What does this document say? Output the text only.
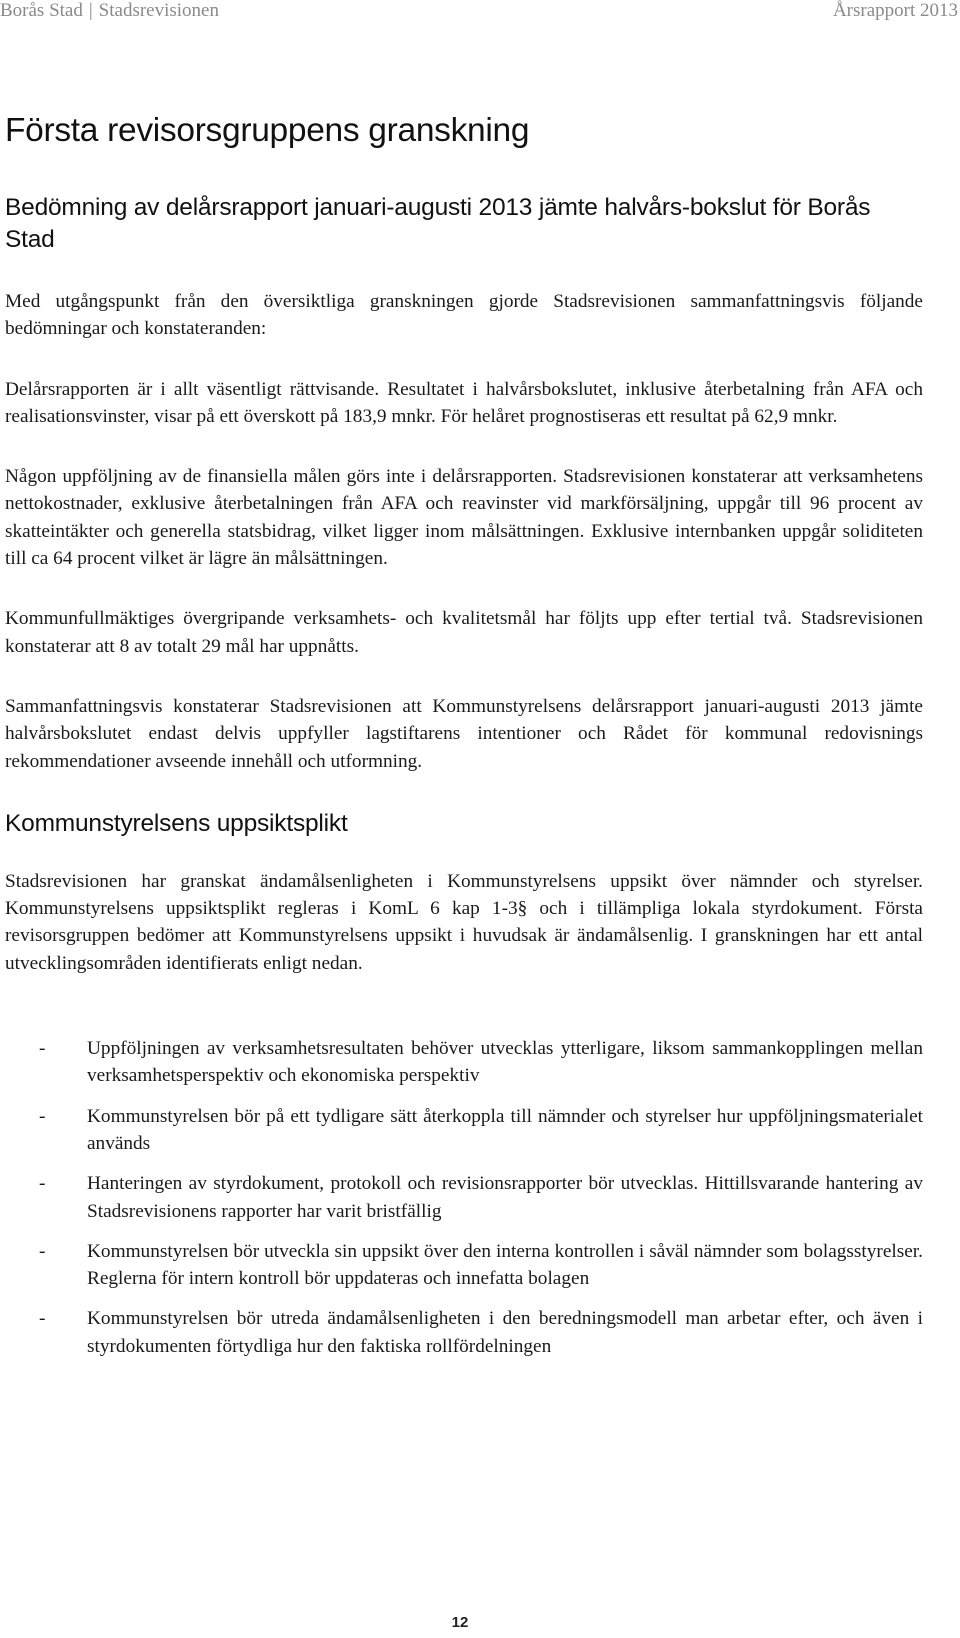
Borås Stad | Stadsrevisionen	Årsrapport 2013
Första revisorsgruppens granskning
Bedömning av delårsrapport januari-augusti 2013 jämte halvårs-bokslut för Borås Stad

Med utgångspunkt från den översiktliga granskningen gjorde Stadsrevisionen sammanfattningsvis följande bedömningar och konstateranden:

Delårsrapporten är i allt väsentligt rättvisande. Resultatet i halvårsbokslutet, inklusive återbetalning från AFA och realisationsvinster, visar på ett överskott på 183,9 mnkr. För helåret prognostiseras ett resultat på 62,9 mnkr.

Någon uppföljning av de finansiella målen görs inte i delårsrapporten. Stadsrevisionen konstaterar att verksamhetens nettokostnader, exklusive återbetalningen från AFA och reavinster vid markförsäljning, uppgår till 96 procent av skatteintäkter och generella statsbidrag, vilket ligger inom målsättningen. Exklusive internbanken uppgår soliditeten till ca 64 procent vilket är lägre än målsättningen.

Kommunfullmäktiges övergripande verksamhets- och kvalitetsmål har följts upp efter tertial två. Stadsrevisionen konstaterar att 8 av totalt 29 mål har uppnåtts.

Sammanfattningsvis konstaterar Stadsrevisionen att Kommunstyrelsens delårsrapport januari-augusti 2013 jämte halvårsbokslutet endast delvis uppfyller lagstiftarens intentioner och Rådet för kommunal redovisnings rekommendationer avseende innehåll och utformning.

Kommunstyrelsens uppsiktsplikt

Stadsrevisionen har granskat ändamålsenligheten i Kommunstyrelsens uppsikt över nämnder och styrelser. Kommunstyrelsens uppsiktsplikt regleras i KomL 6 kap 1-3§ och i tillämpliga lokala styrdokument. Första revisorsgruppen bedömer att Kommunstyrelsens uppsikt i huvudsak är ändamålsenlig. I granskningen har ett antal utvecklingsområden identifierats enligt nedan.

- Uppföljningen av verksamhetsresultaten behöver utvecklas ytterligare, liksom sammankopplingen mellan verksamhetsperspektiv och ekonomiska perspektiv
- Kommunstyrelsen bör på ett tydligare sätt återkoppla till nämnder och styrelser hur uppföljningsmaterialet används
- Hanteringen av styrdokument, protokoll och revisionsrapporter bör utvecklas. Hittillsvarande hantering av Stadsrevisionens rapporter har varit bristfällig
- Kommunstyrelsen bör utveckla sin uppsikt över den interna kontrollen i såväl nämnder som bolagsstyrelser. Reglerna för intern kontroll bör uppdateras och innefatta bolagen
- Kommunstyrelsen bör utreda ändamålsenligheten i den beredningsmodell man arbetar efter, och även i styrdokumenten förtydliga hur den faktiska rollfördelningen
12
